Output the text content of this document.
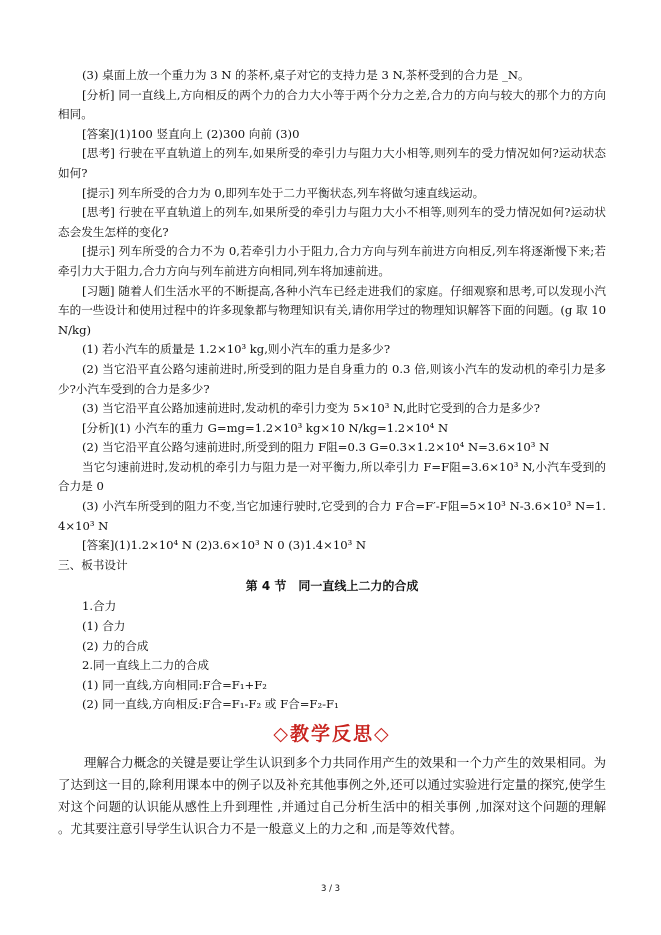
(3) 桌面上放一个重力为 3 N 的茶杯,桌子对它的支持力是 3 N,茶杯受到的合力是 _N。

[分析] 同一直线上,方向相反的两个力的合力大小等于两个分力之差,合力的方向与较大的那个力的方向相同。

[答案](1)100 竖直向上 (2)300 向前 (3)0

[思考] 行驶在平直轨道上的列车,如果所受的牵引力与阻力大小相等,则列车的受力情况如何?运动状态如何?

[提示] 列车所受的合力为 0,即列车处于二力平衡状态,列车将做匀速直线运动。

[思考] 行驶在平直轨道上的列车,如果所受的牵引力与阻力大小不相等,则列车的受力情况如何?运动状态会发生怎样的变化?

[提示] 列车所受的合力不为 0,若牵引力小于阻力,合力方向与列车前进方向相反,列车将逐渐慢下来;若牵引力大于阻力,合力方向与列车前进方向相同,列车将加速前进。

[习题] 随着人们生活水平的不断提高,各种小汽车已经走进我们的家庭。仔细观察和思考,可以发现小汽车的一些设计和使用过程中的许多现象都与物理知识有关,请你用学过的物理知识解答下面的问题。(g 取 10 N/kg)

(1) 若小汽车的质量是 1.2×10³ kg,则小汽车的重力是多少?

(2) 当它沿平直公路匀速前进时,所受到的阻力是自身重力的 0.3 倍,则该小汽车的发动机的牵引力是多少?小汽车受到的合力是多少?

(3) 当它沿平直公路加速前进时,发动机的牵引力变为 5×10³ N,此时它受到的合力是多少?

[分析](1) 小汽车的重力 G=mg=1.2×10³ kg×10 N/kg=1.2×10⁴ N

(2) 当它沿平直公路匀速前进时,所受到的阻力 F阻=0.3 G=0.3×1.2×10⁴ N=3.6×10³ N

当它匀速前进时,发动机的牵引力与阻力是一对平衡力,所以牵引力 F=F阻=3.6×10³ N,小汽车受到的合力是 0

(3) 小汽车所受到的阻力不变,当它加速行驶时,它受到的合力 F合=F′-F阻=5×10³ N-3.6×10³ N=1.4×10³ N

[答案](1)1.2×10⁴ N (2)3.6×10³ N 0 (3)1.4×10³ N

三、板书设计

第 4 节　同一直线上二力的合成

1.合力

(1) 合力

(2) 力的合成

2.同一直线上二力的合成

(1) 同一直线,方向相同:F合=F₁+F₂

(2) 同一直线,方向相反:F合=F₁-F₂ 或 F合=F₂-F₁

◇教学反思◇

理解合力概念的关键是要让学生认识到多个力共同作用产生的效果和一个力产生的效果相同。为了达到这一目的,除利用课本中的例子以及补充其他事例之外,还可以通过实验进行定量的探究,使学生对这个问题的认识能从感性上升到理性 ,并通过自己分析生活中的相关事例 ,加深对这个问题的理解 。尤其要注意引导学生认识合力不是一般意义上的力之和 ,而是等效代替。

3 / 3
